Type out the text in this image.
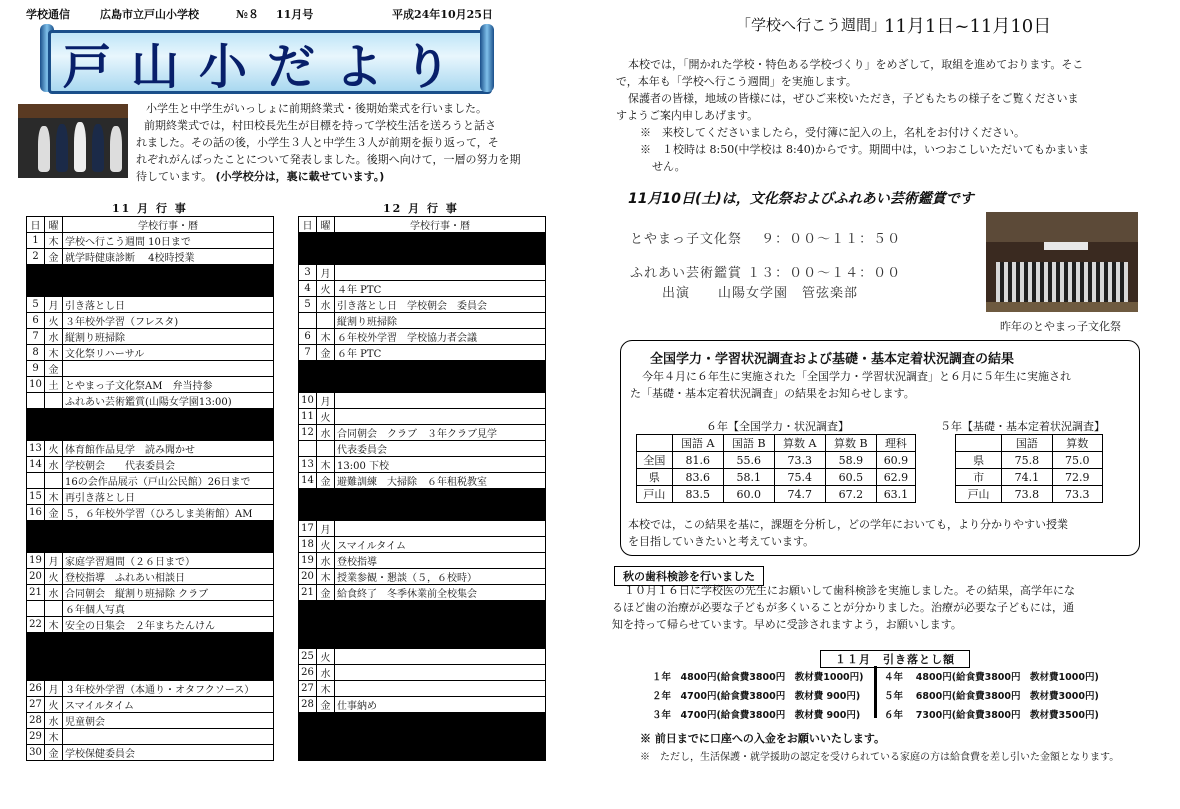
学校通信	広島市立戸山小学校	№８ 11月号	平成24年10月25日
戸山小だより
小学生と中学生がいっしょに前期終業式・後期始業式を行いました。
前期終業式では，村田校長先生が目標を持って学校生活を送ろうと話さ
れました。その話の後，小学生３人と中学生３人が前期を振り返って，そ
れぞれがんばったことについて発表しました。後期へ向けて，一層の努力を期
待しています。 (小学校分は，裏に載せています。)
11 月 行 事
日	曜	学校行事・暦
1	木	学校へ行こう週間 10日まで
2	金	就学時健康診断　 4校時授業

5	月	引き落とし日
6	火	３年校外学習（フレスタ)
7	水	縦割り班掃除
8	木	文化祭リハーサル
9	金	
10	土	とやまっ子文化祭AM　弁当持参
		ふれあい芸術鑑賞(山陽女学園13:00)

13	火	体育館作品見学　読み聞かせ
14	水	学校朝会　　代表委員会
		16の会作品展示（戸山公民館）26日まで
15	木	再引き落とし日
16	金	５，６年校外学習（ひろしま美術館）AM

19	月	家庭学習週間（２６日まで）
20	火	登校指導　ふれあい相談日
21	水	合同朝会　縦割り班掃除 クラブ
		６年個人写真
22	木	安全の日集会　２年まちたんけん

26	月	３年校外学習（本通り・オタフクソース）
27	火	スマイルタイム
28	水	児童朝会
29	木	
30	金	学校保健委員会
12 月 行 事
日	曜	学校行事・暦

3	月	
4	火	４年 PTC
5	水	引き落とし日　学校朝会　委員会
		縦割り班掃除
6	木	６年校外学習　学校協力者会議
7	金	６年 PTC

10	月	
11	火	
12	水	合同朝会　クラブ　３年クラブ見学
		代表委員会
13	木	13:00 下校
14	金	避難訓練　大掃除　６年租税教室

17	月	
18	火	スマイルタイム
19	水	登校指導
20	木	授業参観・懇談（５，６校時）
21	金	給食終了　冬季休業前全校集会

25	火	
26	水	
27	木	
28	金	仕事納め

「学校へ行こう週間」
11月1日~11月10日
本校では，「開かれた学校・特色ある学校づくり」をめざして，取組を進めております。そこ
で，本年も「学校へ行こう週間」を実施します。
保護者の皆様，地域の皆様には，ぜひご来校いただき，子どもたちの様子をご覧くださいま
すようご案内申しあげます。
※　来校してくださいましたら，受付簿に記入の上，名札をお付けください。
※　１校時は 8:50(中学校は 8:40)からです。期間中は，いつおこしいただいてもかまいま
せん。
11月10日(土)は，文化祭およびふれあい芸術鑑賞です
とやまっ子文化祭　 ９：００～１１：５０
ふれあい芸術鑑賞 １３：００～１４：００
出演　　山陽女学園　管弦楽部
昨年のとやまっ子文化祭
全国学力・学習状況調査および基礎・基本定着状況調査の結果
今年４月に６年生に実施された「全国学力・学習状況調査」と６月に５年生に実施され
た「基礎・基本定着状況調査」の結果をお知らせします。
６年【全国学力・状況調査】
	国語 A	国語 B	算数 A	算数 B	理科
全国	81.6	55.6	73.3	58.9	60.9
県	83.6	58.1	75.4	60.5	62.9
戸山	83.5	60.0	74.7	67.2	63.1
５年【基礎・基本定着状況調査】
	国語	算数
県	75.8	75.0
市	74.1	72.9
戸山	73.8	73.3
本校では，この結果を基に，課題を分析し，どの学年においても，より分かりやすい授業
を目指していきたいと考えています。
秋の歯科検診を行いました
１０月１６日に学校医の先生にお願いして歯科検診を実施しました。その結果，高学年にな
るほど歯の治療が必要な子どもが多くいることが分かりました。治療が必要な子どもには，通
知を持って帰らせています。早めに受診されますよう，お願いします。
１１月　引き落とし額
１年　4800円(給食費3800円　教材費1000円)
２年　4700円(給食費3800円　教材費 900円)
３年　4700円(給食費3800円　教材費 900円)
４年　 4800円(給食費3800円　教材費1000円)
５年　 6800円(給食費3800円　教材費3000円)
６年　 7300円(給食費3800円　教材費3500円)
※ 前日までに口座への入金をお願いいたします。
※　ただし，生活保護・就学援助の認定を受けられている家庭の方は給食費を差し引いた金額となります。
